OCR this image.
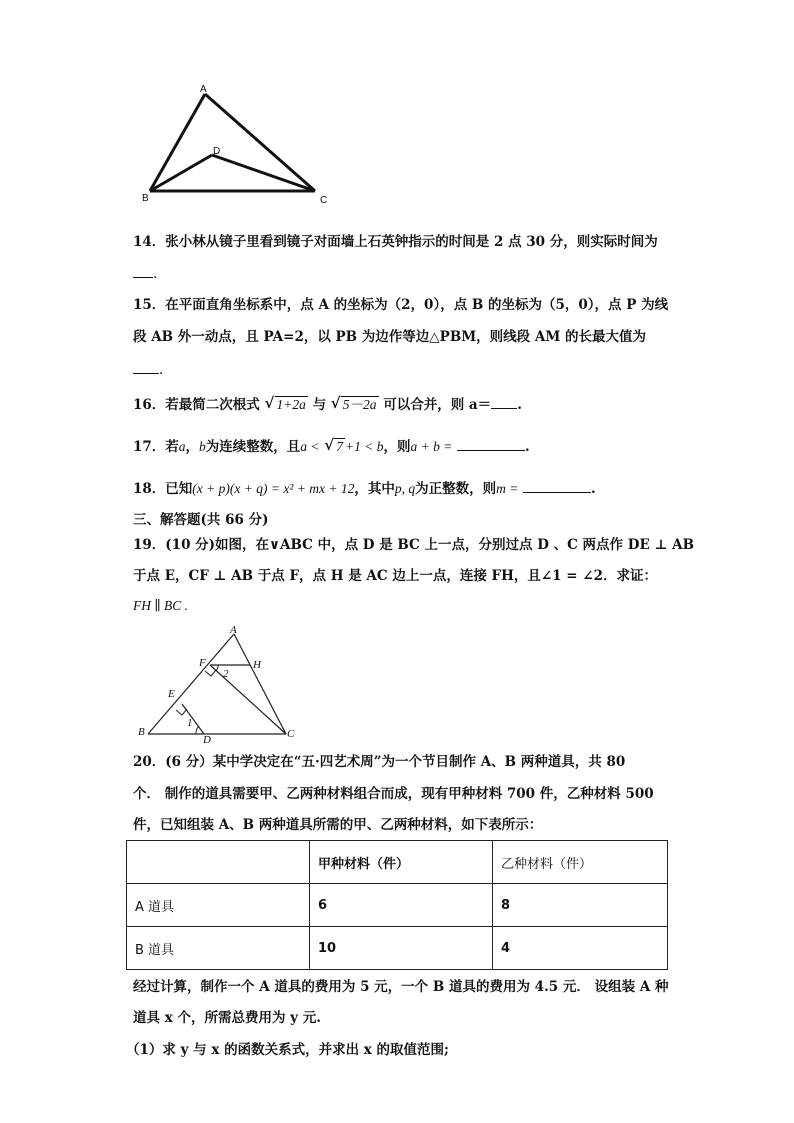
A
B	C
D
14．张小林从镜子里看到镜子对面墙上石英钟指示的时间是 2 点 30 分，则实际时间为
.
15．在平面直角坐标系中，点 A 的坐标为（2，0），点 B 的坐标为（5，0），点 P 为线
段 AB 外一动点，且 PA=2，以 PB 为边作等边△PBM，则线段 AM 的长最大值为
.
16．若最简二次根式 √ 1+2a 与 √ 5－2a 可以合并，则 a＝ .
17．若a，b为连续整数，且a < √ 7 +1 < b，则a + b =	.
18．已知(x + p)(x + q) = x² + mx + 12，其中p, q为正整数，则m =	.
三、解答题(共 66 分)
19．(10 分)如图，在∨ABC 中，点 D 是 BC 上一点，分别过点 D 、C 两点作 DE ⊥ AB
于点 E，CF ⊥ AB 于点 F，点 H 是 AC 边上一点，连接 FH，且∠1 = ∠2．求证：
FH ∥ BC .
A
B	C
D
E
F	H
1
2
20．(6 分）某中学决定在“五·四艺术周”为一个节目制作 A、B 两种道具，共 80
个． 制作的道具需要甲、乙两种材料组合而成，现有甲种材料 700 件，乙种材料 500
件，已知组装 A、B 两种道具所需的甲、乙两种材料，如下表所示：
	甲种材料（件）	乙种材料（件）
A 道具	6	8
B 道具	10	4
经过计算，制作一个 A 道具的费用为 5 元，一个 B 道具的费用为 4.5 元． 设组装 A 种
道具 x 个，所需总费用为 y 元.
（1）求 y 与 x 的函数关系式，并求出 x 的取值范围;
